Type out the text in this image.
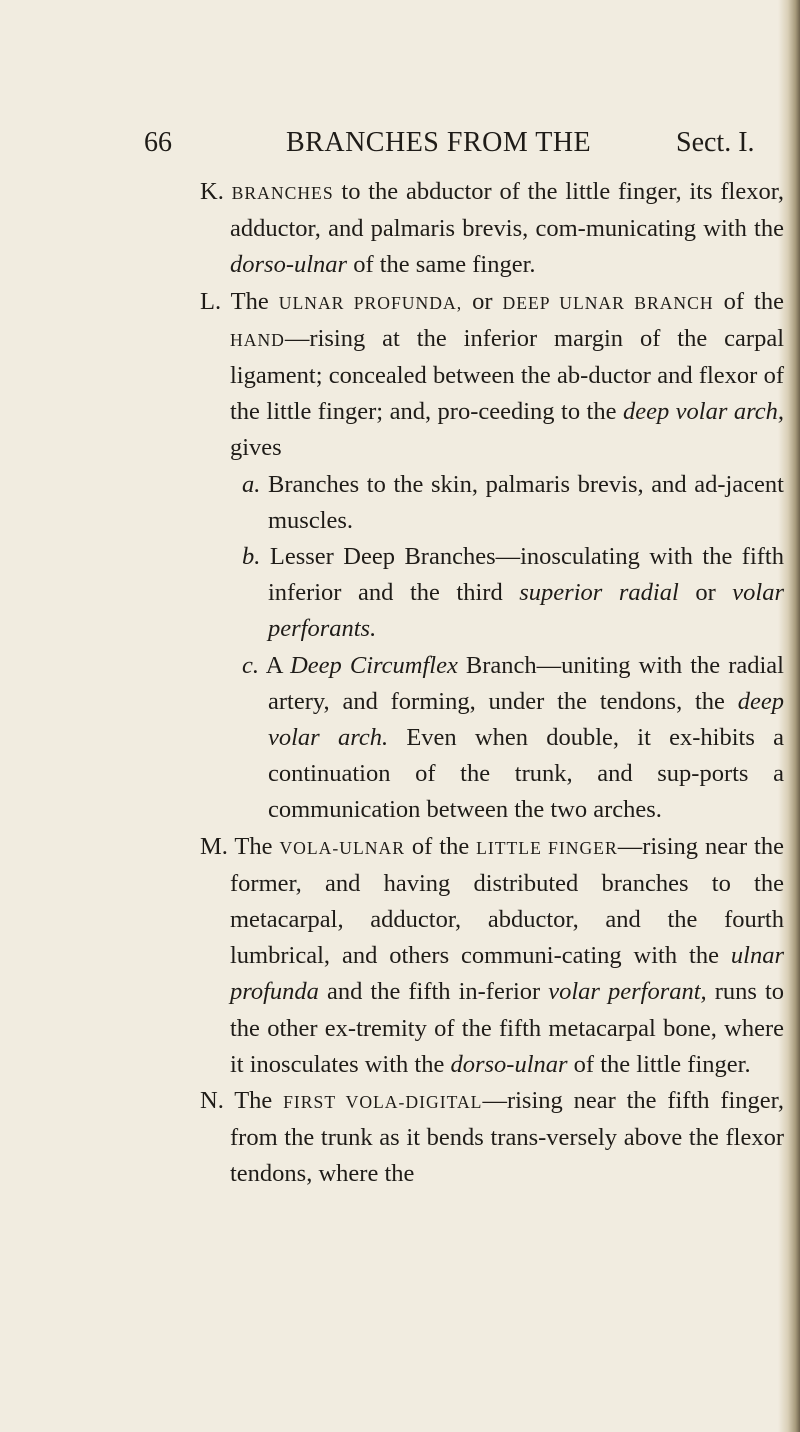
66	BRANCHES FROM THE	Sect. I.

K. BRANCHES to the abductor of the little finger, its flexor, adductor, and palmaris brevis, com-municating with the dorso-ulnar of the same finger.

L. The ULNAR PROFUNDA, or DEEP ULNAR BRANCH of the HAND—rising at the inferior margin of the carpal ligament; concealed between the ab-ductor and flexor of the little finger; and, pro-ceeding to the deep volar arch, gives

a. Branches to the skin, palmaris brevis, and ad-jacent muscles.

b. Lesser Deep Branches—inosculating with the fifth inferior and the third superior radial or volar perforants.

c. A Deep Circumflex Branch—uniting with the radial artery, and forming, under the tendons, the deep volar arch. Even when double, it ex-hibits a continuation of the trunk, and sup-ports a communication between the two arches.

M. The VOLA-ULNAR of the LITTLE FINGER—rising near the former, and having distributed branches to the metacarpal, adductor, abductor, and the fourth lumbrical, and others communi-cating with the ulnar profunda and the fifth in-ferior volar perforant, runs to the other ex-tremity of the fifth metacarpal bone, where it inosculates with the dorso-ulnar of the little finger.

N. The FIRST VOLA-DIGITAL—rising near the fifth finger, from the trunk as it bends trans-versely above the flexor tendons, where the
